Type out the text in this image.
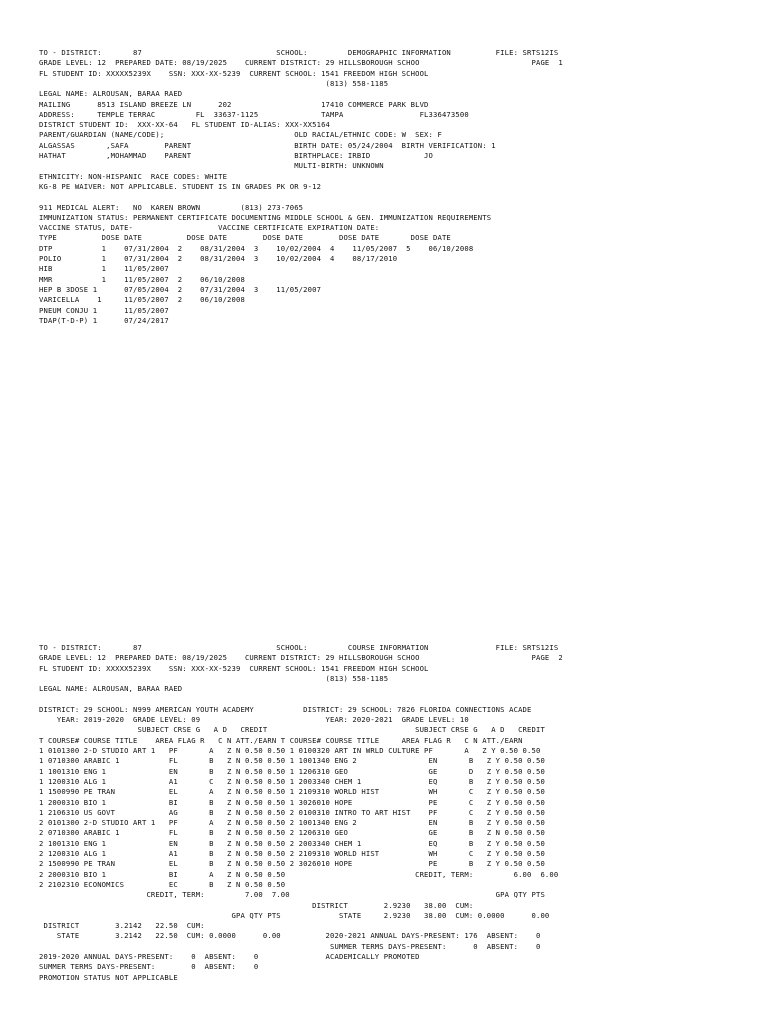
TO - DISTRICT:       87                              SCHOOL:         DEMOGRAPHIC INFORMATION          FILE: SRTS12IS
GRADE LEVEL: 12  PREPARED DATE: 08/19/2025    CURRENT DISTRICT: 29 HILLSBOROUGH SCHOO                         PAGE  1
FL STUDENT ID: XXXXX5239X    SSN: XXX-XX-5239  CURRENT SCHOOL: 1541 FREEDOM HIGH SCHOOL
(813) 558-1185
LEGAL NAME: ALROUSAN, BARAA RAED
MAILING      8513 ISLAND BREEZE LN      202                    17410 COMMERCE PARK BLVD
ADDRESS:     TEMPLE TERRAC         FL  33637-1125              TAMPA                 FL336473500
DISTRICT STUDENT ID:  XXX-XX-64   FL STUDENT ID-ALIAS: XXX-XX5164
PARENT/GUARDIAN (NAME/CODE);                             OLD RACIAL/ETHNIC CODE: W  SEX: F
ALGASSAS       ,SAFA        PARENT                       BIRTH DATE: 05/24/2004  BIRTH VERIFICATION: 1
HATHAT         ,MOHAMMAD    PARENT                       BIRTHPLACE: IRBID            JO
MULTI-BIRTH: UNKNOWN
ETHNICITY: NON-HISPANIC  RACE CODES: WHITE
KG-8 PE WAIVER: NOT APPLICABLE. STUDENT IS IN GRADES PK OR 9-12
911 MEDICAL ALERT:   NO  KAREN BROWN         (813) 273-7065
IMMUNIZATION STATUS: PERMANENT CERTIFICATE DOCUMENTING MIDDLE SCHOOL & GEN. IMMUNIZATION REQUIREMENTS
VACCINE STATUS, DATE-                   VACCINE CERTIFICATE EXPIRATION DATE:
TYPE          DOSE DATE          DOSE DATE        DOSE DATE        DOSE DATE       DOSE DATE
DTP           1    07/31/2004  2    08/31/2004  3    10/02/2004  4    11/05/2007  5    06/10/2008
POLIO         1    07/31/2004  2    08/31/2004  3    10/02/2004  4    08/17/2010
HIB           1    11/05/2007
MMR           1    11/05/2007  2    06/10/2008
HEP B 3DOSE 1      07/05/2004  2    07/31/2004  3    11/05/2007
VARICELLA    1     11/05/2007  2    06/10/2008
PNEUM CONJU 1      11/05/2007
TDAP(T-D-P) 1      07/24/2017
TO - DISTRICT:       87                              SCHOOL:         COURSE INFORMATION               FILE: SRTS12IS
GRADE LEVEL: 12  PREPARED DATE: 08/19/2025    CURRENT DISTRICT: 29 HILLSBOROUGH SCHOO                         PAGE  2
FL STUDENT ID: XXXXX5239X    SSN: XXX-XX-5239  CURRENT SCHOOL: 1541 FREEDOM HIGH SCHOOL
(813) 558-1185
LEGAL NAME: ALROUSAN, BARAA RAED
DISTRICT: 29 SCHOOL: N999 AMERICAN YOUTH ACADEMY           DISTRICT: 29 SCHOOL: 7826 FLORIDA CONNECTIONS ACADE
YEAR: 2019-2020  GRADE LEVEL: 09                            YEAR: 2020-2021  GRADE LEVEL: 10
SUBJECT CRSE G   A D   CREDIT                                 SUBJECT CRSE G   A D   CREDIT
T COURSE# COURSE TITLE    AREA FLAG R   C N ATT./EARN T COURSE# COURSE TITLE     AREA FLAG R   C N ATT./EARN
1 0101300 2-D STUDIO ART 1   PF       A   Z N 0.50 0.50 1 0100320 ART IN WRLD CULTURE PF       A   Z Y 0.50 0.50
1 0710300 ARABIC 1           FL       B   Z N 0.50 0.50 1 1001340 ENG 2                EN       B   Z Y 0.50 0.50
1 1001310 ENG 1              EN       B   Z N 0.50 0.50 1 1206310 GEO                  GE       D   Z Y 0.50 0.50
1 1200310 ALG 1              A1       C   Z N 0.50 0.50 1 2003340 CHEM 1               EQ       B   Z Y 0.50 0.50
1 1500990 PE TRAN            EL       A   Z N 0.50 0.50 1 2109310 WORLD HIST           WH       C   Z Y 0.50 0.50
1 2000310 BIO 1              BI       B   Z N 0.50 0.50 1 3026010 HOPE                 PE       C   Z Y 0.50 0.50
1 2106310 US GOVT            AG       B   Z N 0.50 0.50 2 0100310 INTRO TO ART HIST    PF       C   Z Y 0.50 0.50
2 0101300 2-D STUDIO ART 1   PF       A   Z N 0.50 0.50 2 1001340 ENG 2                EN       B   Z Y 0.50 0.50
2 0710300 ARABIC 1           FL       B   Z N 0.50 0.50 2 1206310 GEO                  GE       B   Z N 0.50 0.50
2 1001310 ENG 1              EN       B   Z N 0.50 0.50 2 2003340 CHEM 1               EQ       B   Z Y 0.50 0.50
2 1200310 ALG 1              A1       B   Z N 0.50 0.50 2 2109310 WORLD HIST           WH       C   Z Y 0.50 0.50
2 1500990 PE TRAN            EL       B   Z N 0.50 0.50 2 3026010 HOPE                 PE       B   Z Y 0.50 0.50
2 2000310 BIO 1              BI       A   Z N 0.50 0.50                             CREDIT, TERM:         6.00  6.00
2 2102310 ECONOMICS          EC       B   Z N 0.50 0.50
CREDIT, TERM:         7.00  7.00                                              GPA QTY PTS
DISTRICT        2.9230   38.00  CUM:
GPA QTY PTS             STATE     2.9230   38.00  CUM: 0.0000      0.00
DISTRICT        3.2142   22.50  CUM:
STATE        3.2142   22.50  CUM: 0.0000      0.00          2020-2021 ANNUAL DAYS-PRESENT: 176  ABSENT:    0
SUMMER TERMS DAYS-PRESENT:      0  ABSENT:    0
2019-2020 ANNUAL DAYS-PRESENT:    0  ABSENT:    0               ACADEMICALLY PROMOTED
SUMMER TERMS DAYS-PRESENT:        0  ABSENT:    0
PROMOTION STATUS NOT APPLICABLE
